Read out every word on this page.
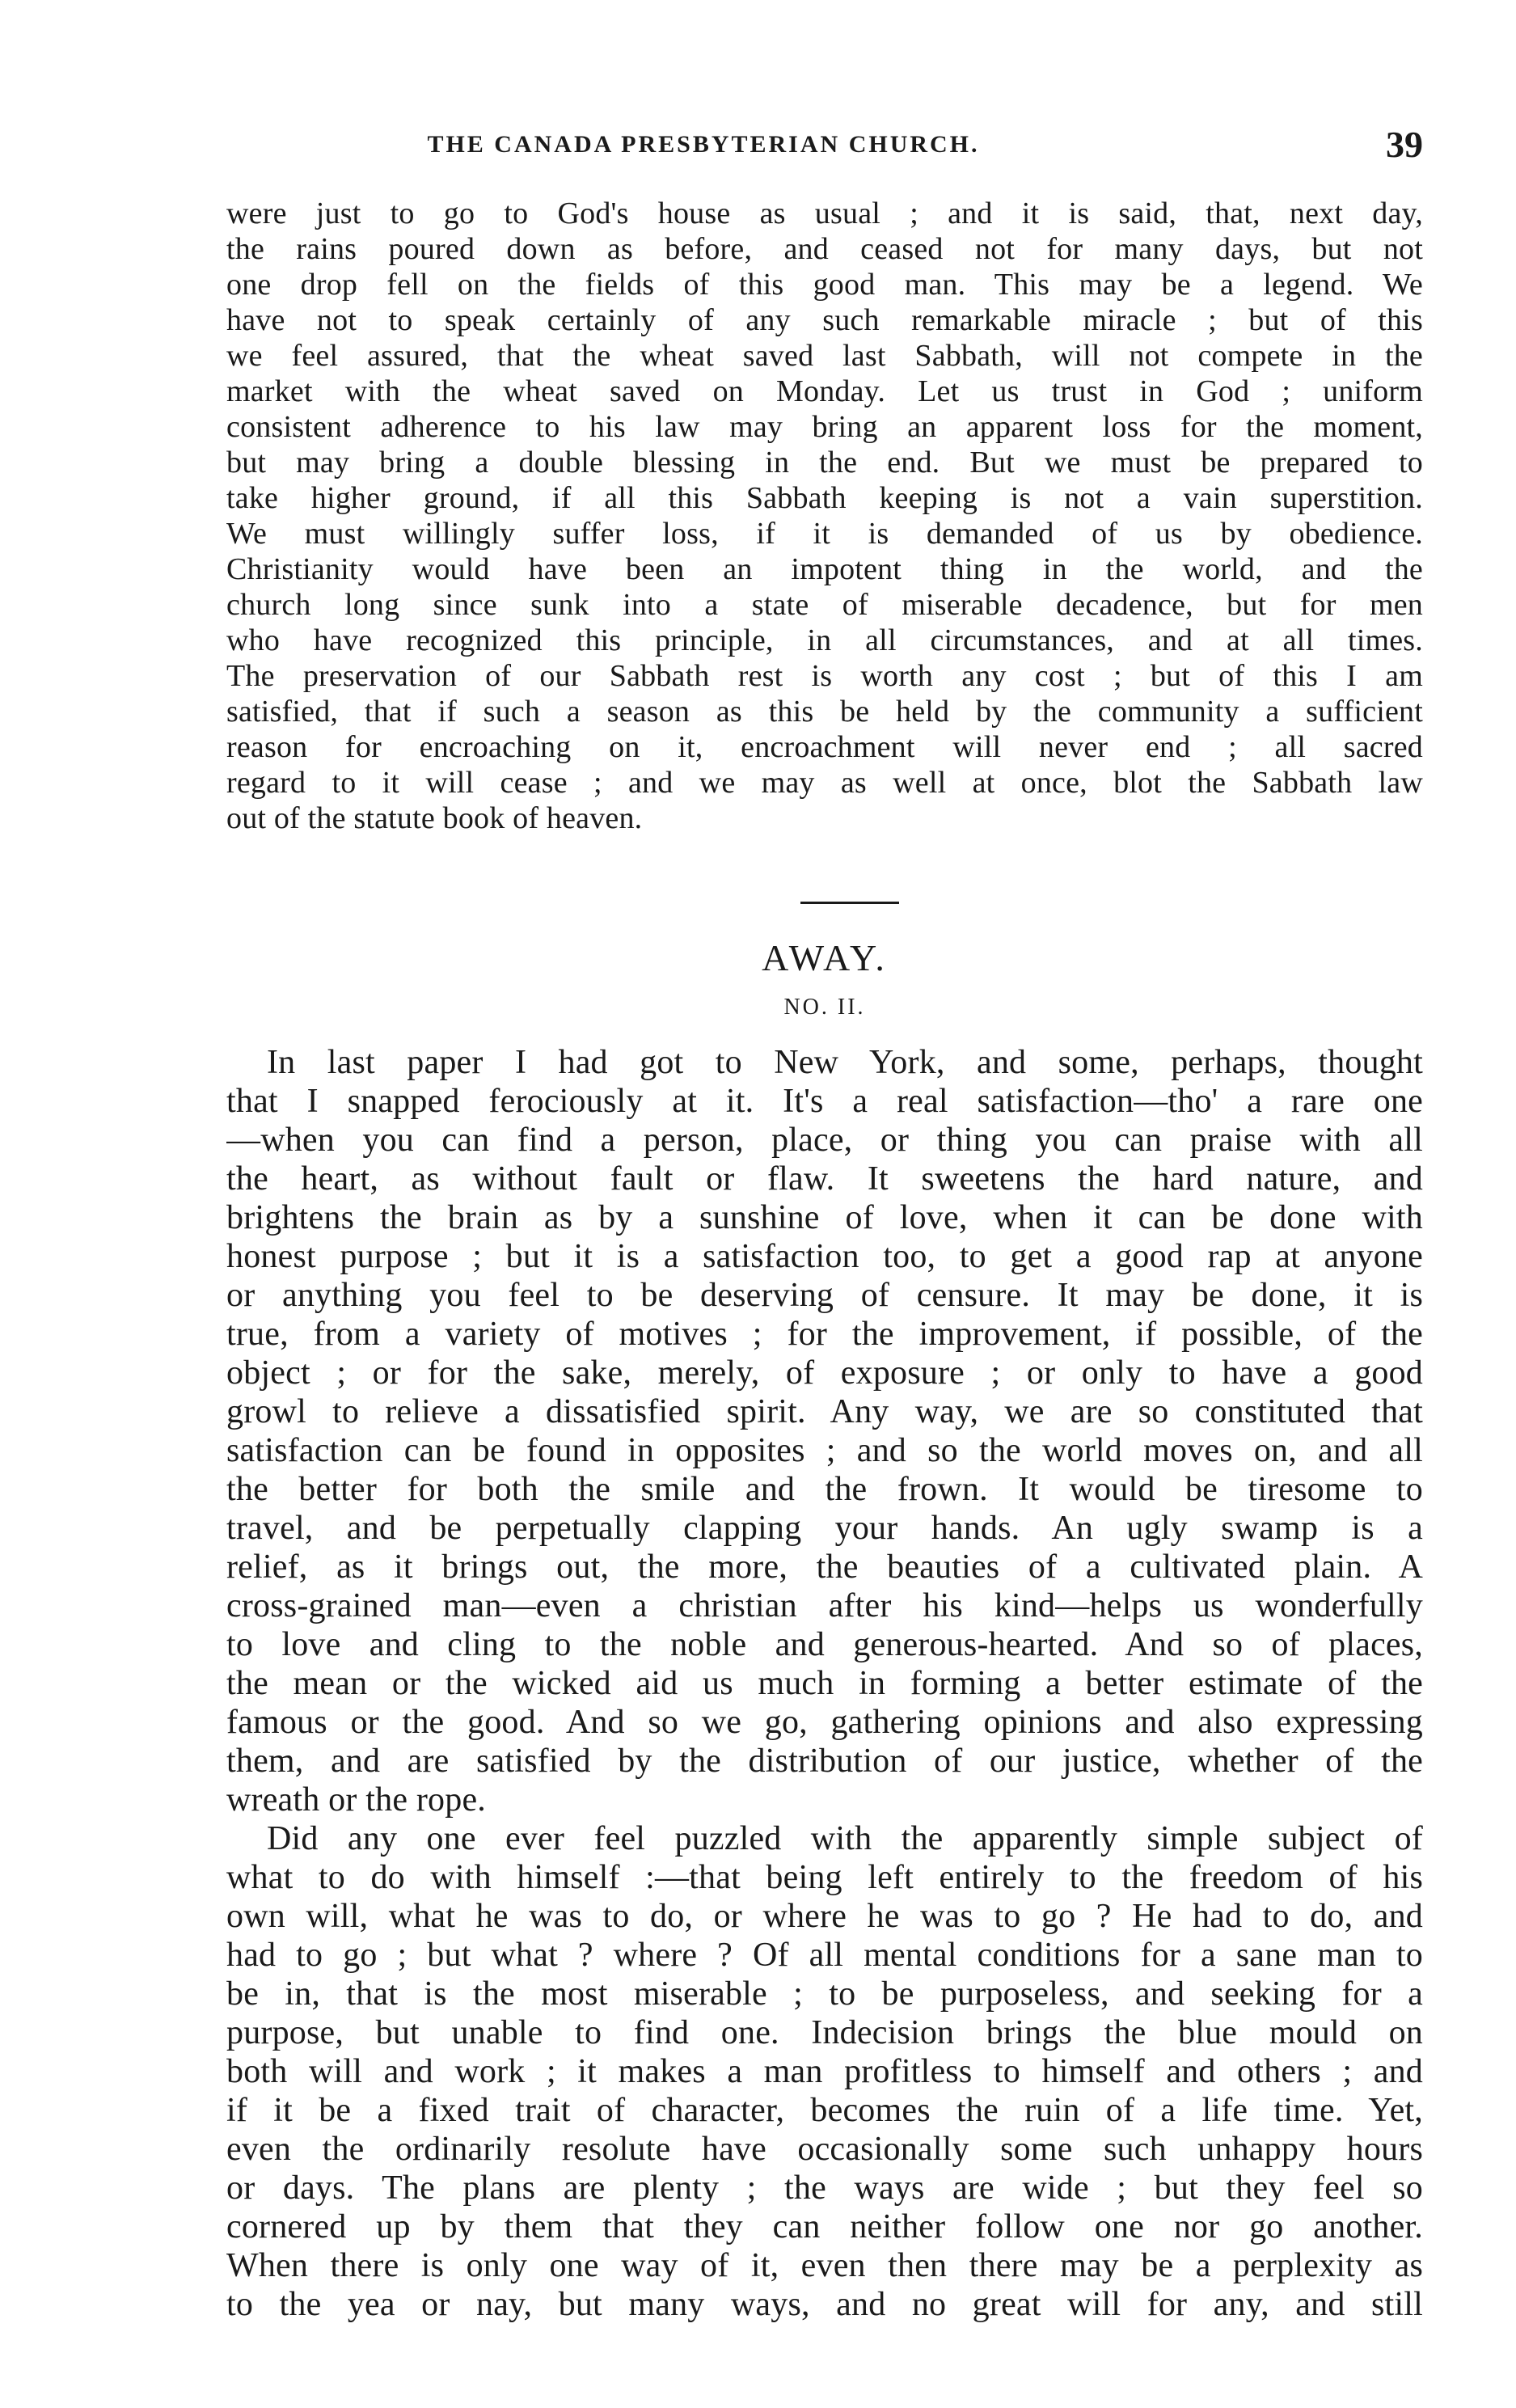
THE CANADA PRESBYTERIAN CHURCH.	39
were just to go to God's house as usual ; and it is said, that, next day,
the rains poured down as before, and ceased not for many days, but not
one drop fell on the fields of this good man. This may be a legend. We
have not to speak certainly of any such remarkable miracle ; but of this
we feel assured, that the wheat saved last Sabbath, will not compete in the
market with the wheat saved on Monday. Let us trust in God ; uniform
consistent adherence to his law may bring an apparent loss for the moment,
but may bring a double blessing in the end. But we must be prepared to
take higher ground, if all this Sabbath keeping is not a vain superstition.
We must willingly suffer loss, if it is demanded of us by obedience.
Christianity would have been an impotent thing in the world, and the
church long since sunk into a state of miserable decadence, but for men
who have recognized this principle, in all circumstances, and at all times.
The preservation of our Sabbath rest is worth any cost ; but of this I am
satisfied, that if such a season as this be held by the community a sufficient
reason for encroaching on it, encroachment will never end ; all sacred
regard to it will cease ; and we may as well at once, blot the Sabbath law
out of the statute book of heaven.
AWAY.
NO. II.
In last paper I had got to New York, and some, perhaps, thought
that I snapped ferociously at it. It's a real satisfaction—tho' a rare one
—when you can find a person, place, or thing you can praise with all
the heart, as without fault or flaw. It sweetens the hard nature, and
brightens the brain as by a sunshine of love, when it can be done with
honest purpose ; but it is a satisfaction too, to get a good rap at anyone
or anything you feel to be deserving of censure. It may be done, it is
true, from a variety of motives ; for the improvement, if possible, of the
object ; or for the sake, merely, of exposure ; or only to have a good
growl to relieve a dissatisfied spirit. Any way, we are so constituted that
satisfaction can be found in opposites ; and so the world moves on, and all
the better for both the smile and the frown. It would be tiresome to
travel, and be perpetually clapping your hands. An ugly swamp is a
relief, as it brings out, the more, the beauties of a cultivated plain. A
cross-grained man—even a christian after his kind—helps us wonderfully
to love and cling to the noble and generous-hearted. And so of places,
the mean or the wicked aid us much in forming a better estimate of the
famous or the good. And so we go, gathering opinions and also expressing
them, and are satisfied by the distribution of our justice, whether of the
wreath or the rope.
Did any one ever feel puzzled with the apparently simple subject of
what to do with himself :—that being left entirely to the freedom of his
own will, what he was to do, or where he was to go ? He had to do, and
had to go ; but what ? where ? Of all mental conditions for a sane man to
be in, that is the most miserable ; to be purposeless, and seeking for a
purpose, but unable to find one. Indecision brings the blue mould on
both will and work ; it makes a man profitless to himself and others ; and
if it be a fixed trait of character, becomes the ruin of a life time. Yet,
even the ordinarily resolute have occasionally some such unhappy hours
or days. The plans are plenty ; the ways are wide ; but they feel so
cornered up by them that they can neither follow one nor go another.
When there is only one way of it, even then there may be a perplexity as
to the yea or nay, but many ways, and no great will for any, and still
